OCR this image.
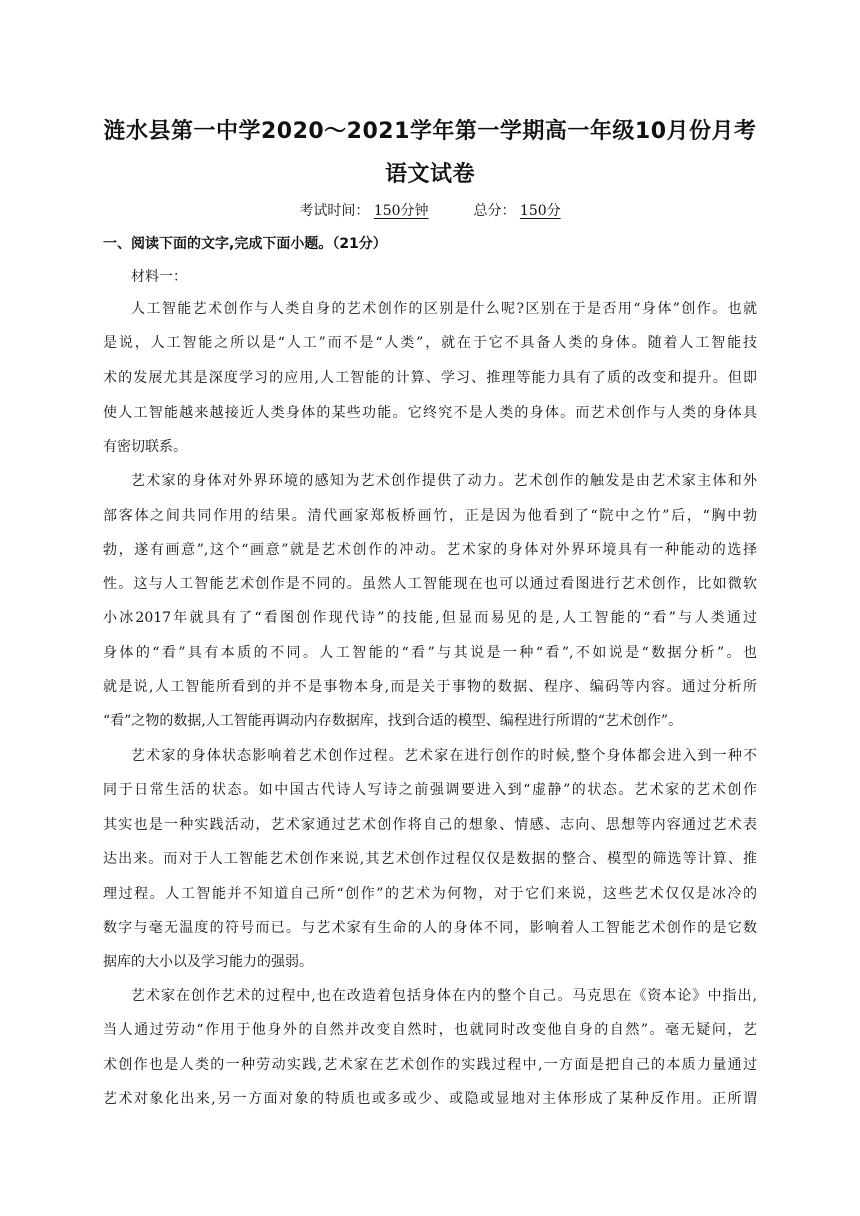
涟水县第一中学2020～2021学年第一学期高一年级10月份月考
语文试卷
考试时间： 150分钟	总分： 150分
一、阅读下面的文字,完成下面小题。（21分）
材料一：
人工智能艺术创作与人类自身的艺术创作的区别是什么呢?区别在于是否用“身体”创作。也就
是说，人工智能之所以是“人工”而不是“人类”，就在于它不具备人类的身体。随着人工智能技
术的发展尤其是深度学习的应用,人工智能的计算、学习、推理等能力具有了质的改变和提升。但即
使人工智能越来越接近人类身体的某些功能。它终究不是人类的身体。而艺术创作与人类的身体具
有密切联系。
艺术家的身体对外界环境的感知为艺术创作提供了动力。艺术创作的触发是由艺术家主体和外
部客体之间共同作用的结果。清代画家郑板桥画竹，正是因为他看到了“院中之竹”后，“胸中勃
勃，遂有画意”,这个“画意”就是艺术创作的冲动。艺术家的身体对外界环境具有一种能动的选择
性。这与人工智能艺术创作是不同的。虽然人工智能现在也可以通过看图进行艺术创作，比如微软
小冰2017年就具有了“看图创作现代诗”的技能,但显而易见的是,人工智能的“看”与人类通过
身体的“看”具有本质的不同。人工智能的“看”与其说是一种“看”,不如说是“数据分析”。也
就是说,人工智能所看到的并不是事物本身,而是关于事物的数据、程序、编码等内容。通过分析所
“看”之物的数据,人工智能再调动内存数据库，找到合适的模型、编程进行所谓的“艺术创作”。
艺术家的身体状态影响着艺术创作过程。艺术家在进行创作的时候,整个身体都会进入到一种不
同于日常生活的状态。如中国古代诗人写诗之前强调要进入到“虚静”的状态。艺术家的艺术创作
其实也是一种实践活动，艺术家通过艺术创作将自己的想象、情感、志向、思想等内容通过艺术表
达出来。而对于人工智能艺术创作来说,其艺术创作过程仅仅是数据的整合、模型的筛选等计算、推
理过程。人工智能并不知道自己所“创作”的艺术为何物，对于它们来说，这些艺术仅仅是冰冷的
数字与毫无温度的符号而已。与艺术家有生命的人的身体不同，影响着人工智能艺术创作的是它数
据库的大小以及学习能力的强弱。
艺术家在创作艺术的过程中,也在改造着包括身体在内的整个自己。马克思在《资本论》中指出,
当人通过劳动“作用于他身外的自然并改变自然时，也就同时改变他自身的自然”。毫无疑问，艺
术创作也是人类的一种劳动实践,艺术家在艺术创作的实践过程中,一方面是把自己的本质力量通过
艺术对象化出来,另一方面对象的特质也或多或少、或隐或显地对主体形成了某种反作用。正所谓
